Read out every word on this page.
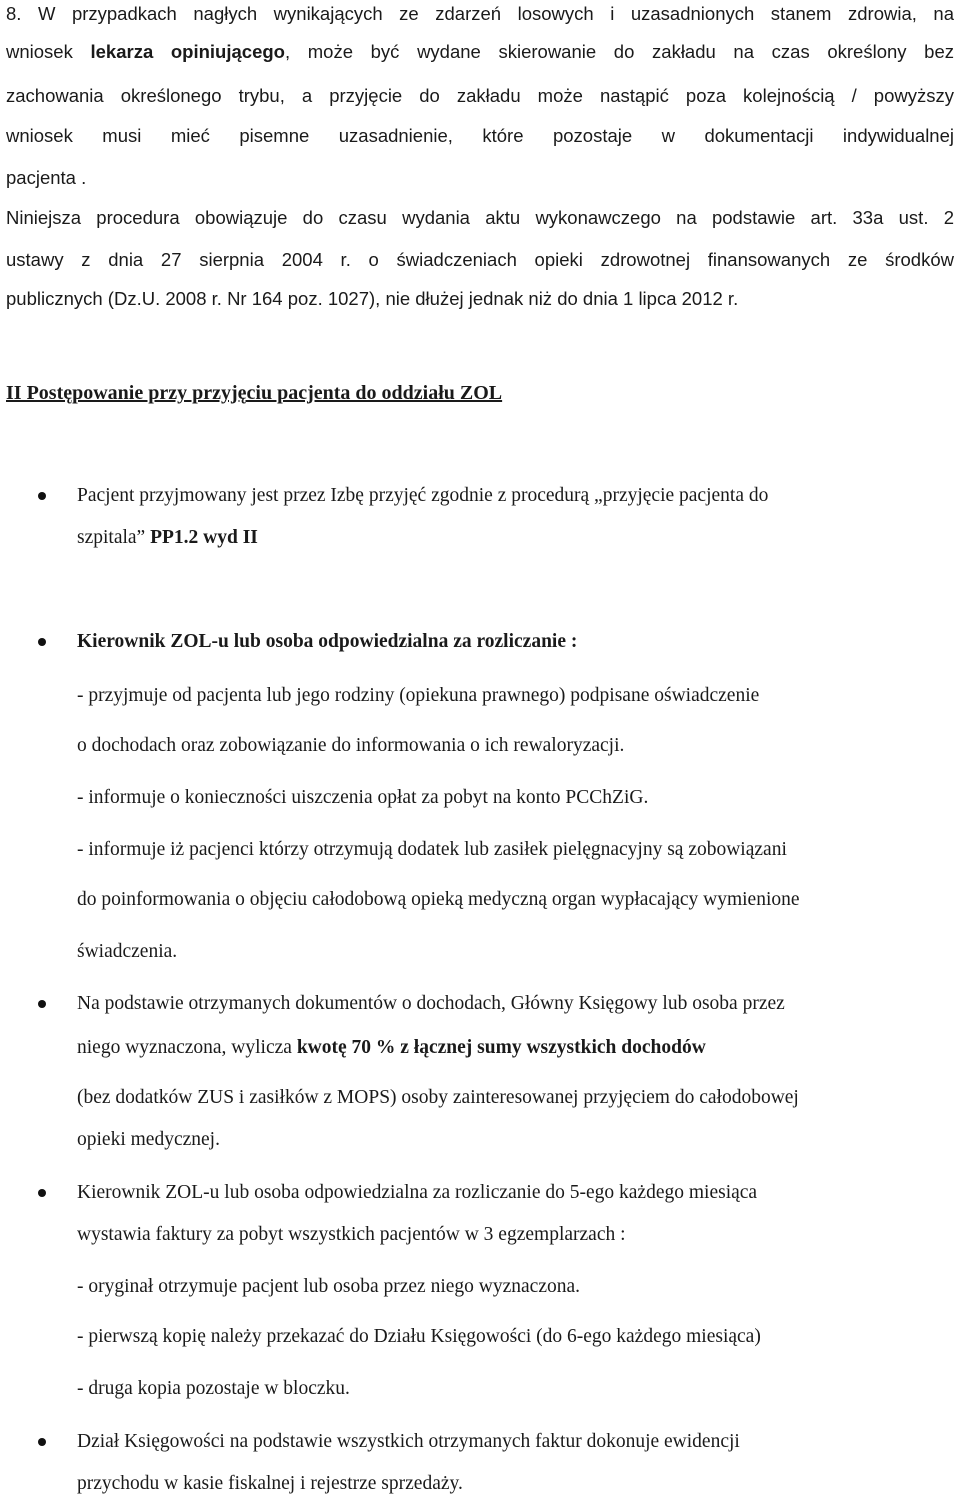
8. W przypadkach nagłych wynikających ze zdarzeń losowych i uzasadnionych stanem zdrowia, na
wniosek lekarza opiniującego, może być wydane skierowanie do zakładu na czas określony bez
zachowania określonego trybu, a przyjęcie do zakładu może nastąpić poza kolejnością / powyższy
wniosek musi mieć pisemne uzasadnienie, które pozostaje w dokumentacji indywidualnej
pacjenta .
Niniejsza procedura obowiązuje do czasu wydania aktu wykonawczego na podstawie art. 33a ust. 2
ustawy z dnia 27 sierpnia 2004 r. o świadczeniach opieki zdrowotnej finansowanych ze środków
publicznych (Dz.U. 2008 r. Nr 164 poz. 1027), nie dłużej jednak niż do dnia 1 lipca 2012 r.
II Postępowanie przy przyjęciu pacjenta do oddziału ZOL
Pacjent przyjmowany jest przez Izbę przyjęć zgodnie z procedurą „przyjęcie pacjenta do
szpitala” PP1.2 wyd II
Kierownik ZOL-u lub osoba odpowiedzialna za rozliczanie :
- przyjmuje od pacjenta lub jego rodziny (opiekuna prawnego) podpisane oświadczenie
o dochodach oraz zobowiązanie do informowania o ich rewaloryzacji.
- informuje o konieczności uiszczenia opłat za pobyt na konto PCChZiG.
- informuje iż pacjenci którzy otrzymują dodatek lub zasiłek pielęgnacyjny są zobowiązani
do poinformowania o objęciu całodobową opieką medyczną organ wypłacający wymienione
świadczenia.
Na podstawie otrzymanych dokumentów o dochodach, Główny Księgowy lub osoba przez
niego wyznaczona, wylicza kwotę 70 % z łącznej sumy wszystkich dochodów
(bez dodatków ZUS i zasiłków z MOPS) osoby zainteresowanej przyjęciem do całodobowej
opieki medycznej.
Kierownik ZOL-u lub osoba odpowiedzialna za rozliczanie do 5-ego każdego miesiąca
wystawia faktury za pobyt wszystkich pacjentów w 3 egzemplarzach :
- oryginał otrzymuje pacjent lub osoba przez niego wyznaczona.
- pierwszą kopię należy przekazać do Działu Księgowości (do 6-ego każdego miesiąca)
- druga kopia pozostaje w bloczku.
Dział Księgowości na podstawie wszystkich otrzymanych faktur dokonuje ewidencji
przychodu w kasie fiskalnej i rejestrze sprzedaży.
